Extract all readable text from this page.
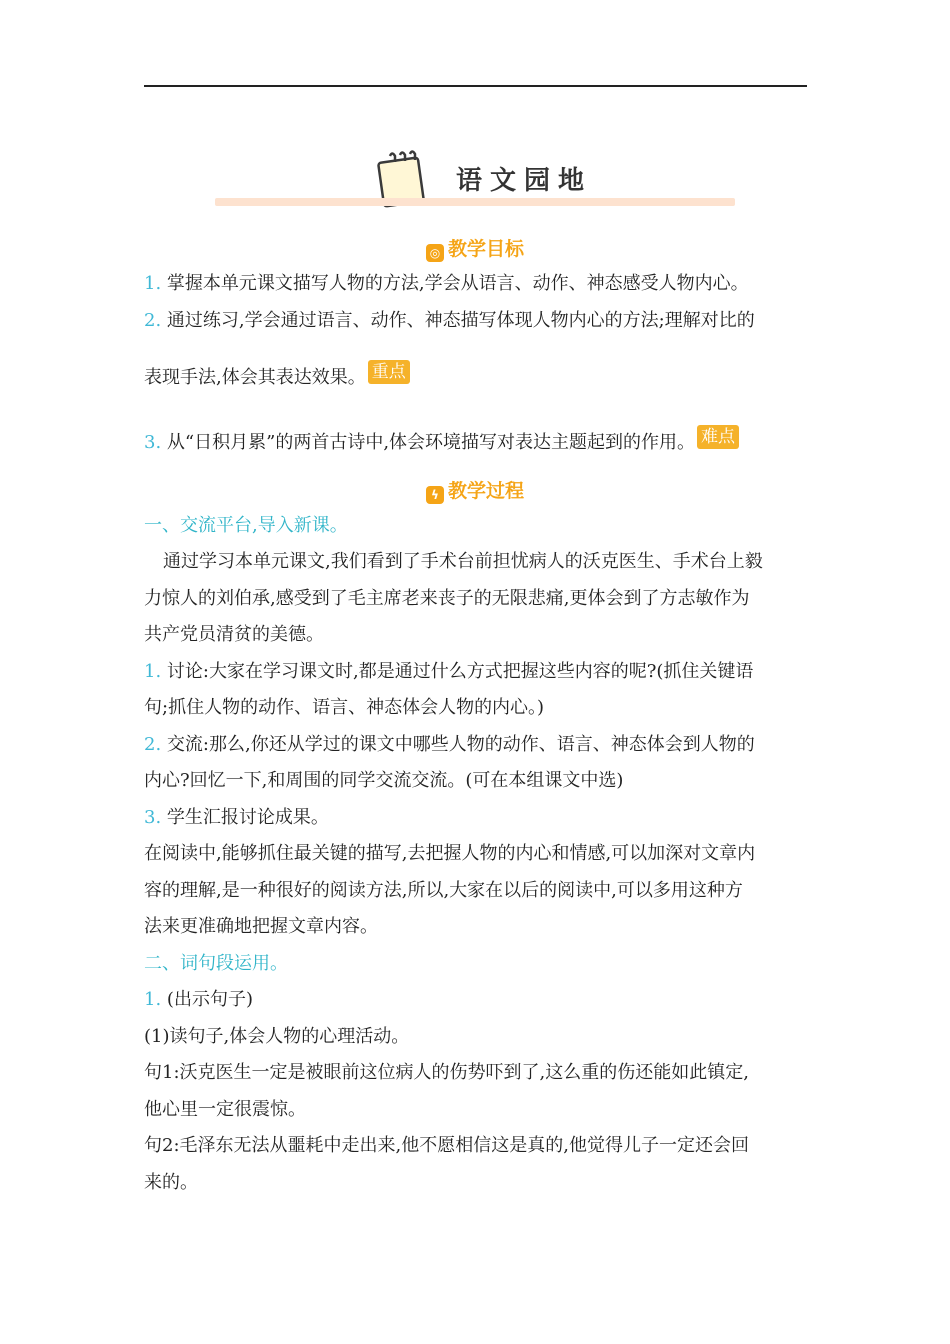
语文园地
◎ 教学目标
1. 掌握本单元课文描写人物的方法,学会从语言、动作、神态感受人物内心。
2. 通过练习,学会通过语言、动作、神态描写体现人物内心的方法;理解对比的
表现手法,体会其表达效果。 重点
3. 从“日积月累”的两首古诗中,体会环境描写对表达主题起到的作用。 难点
ϟ 教学过程
一、交流平台,导入新课。
通过学习本单元课文,我们看到了手术台前担忧病人的沃克医生、手术台上毅
力惊人的刘伯承,感受到了毛主席老来丧子的无限悲痛,更体会到了方志敏作为
共产党员清贫的美德。
1. 讨论:大家在学习课文时,都是通过什么方式把握这些内容的呢?(抓住关键语
句;抓住人物的动作、语言、神态体会人物的内心。)
2. 交流:那么,你还从学过的课文中哪些人物的动作、语言、神态体会到人物的
内心?回忆一下,和周围的同学交流交流。(可在本组课文中选)
3. 学生汇报讨论成果。
在阅读中,能够抓住最关键的描写,去把握人物的内心和情感,可以加深对文章内
容的理解,是一种很好的阅读方法,所以,大家在以后的阅读中,可以多用这种方
法来更准确地把握文章内容。
二、词句段运用。
1. (出示句子)
(1)读句子,体会人物的心理活动。
句1:沃克医生一定是被眼前这位病人的伤势吓到了,这么重的伤还能如此镇定,
他心里一定很震惊。
句2:毛泽东无法从噩耗中走出来,他不愿相信这是真的,他觉得儿子一定还会回
来的。
